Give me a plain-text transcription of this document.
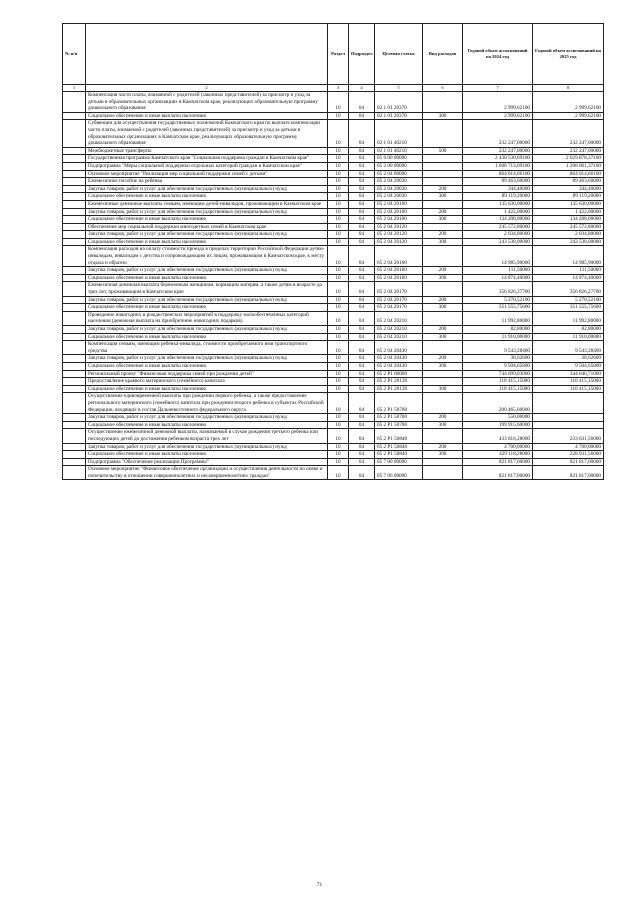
№ п/п		Раздел	Подраздел	Целевая статья	Вид расходов	Годовой объем ассигнований на 2024 год	Годовой объем ассигнований на 2025 год
1	2	3	4	5	6	7	8
	Компенсация части платы, взимаемой с родителей (законных представителей) за присмотр и уход за детьми в образовательных организациях в Камчатском крае, реализующих образовательную программу дошкольного образования	10	04	02 1 01 20370		2 999,62100	2 999,62100
	Социальное обеспечение и иные выплаты населению	10	04	02 1 01 20370	300	2 999,62100	2 999,62100
	Субвенции для осуществления государственных полномочий Камчатского края по выплате компенсации части платы, взимаемой с родителей (законных представителей) за присмотр и уход за детьми в образовательных организациях в Камчатском крае, реализующих образовательную программу дошкольного образования	10	04	02 1 01 40210		232 247,00000	232 247,00000
	Межбюджетные трансферты	10	04	02 1 01 40210	500	232 247,00000	232 247,00000
	Государственная программа Камчатского края "Социальная поддержка граждан в Камчатском крае"	10	04	05 0 00 00000		2 430 530,69100	2 029 878,37100
	Подпрограмма "Меры социальной поддержки отдельных категорий граждан в Камчатском крае"	10	04	05 2 00 00000		1 608 713,69100	1 208 061,37100
	Основное мероприятие "Реализация мер социальной поддержки семей с детьми"	10	04	05 2 04 00000		864 014,66100	864 014,66100
	Ежемесячное пособие на ребенка	10	04	05 2 04 20030		89 463,60000	89 463,60000
	Закупка товаров, работ и услуг для обеспечения государственных (муниципальных) нужд	10	04	05 2 04 20030	200	344,40000	344,40000
	Социальное обеспечение и иные выплаты населению	10	04	05 2 04 20030	300	89 119,20000	89 119,20000
	Ежемесячные денежные выплаты семьям, имеющим детей-инвалидов, проживающим в Камчатском крае	10	04	05 2 04 20100		135 630,00000	135 630,00000
	Закупка товаров, работ и услуг для обеспечения государственных (муниципальных) нужд	10	04	05 2 04 20100	200	1 422,00000	1 422,00000
	Социальное обеспечение и иные выплаты населению	10	04	05 2 04 20100	300	134 208,00000	134 208,00000
	Обеспечение мер социальной поддержки многодетных семей в Камчатском крае	10	04	05 2 04 20120		245 572,80000	245 572,80000
	Закупка товаров, работ и услуг для обеспечения государственных (муниципальных) нужд	10	04	05 2 04 20120	200	2 034,80000	2 034,80000
	Социальное обеспечение и иные выплаты населению	10	04	05 2 04 20120	300	243 538,00000	243 538,00000
	Компенсация расходов на оплату стоимости проезда в пределах территории Российской Федерации детям-инвалидам, инвалидам с детства и сопровождающим их лицам, проживающим в Камчатском крае, к месту отдыха и обратно	10	04	05 2 04 20160		14 985,90000	14 985,90000
	Закупка товаров, работ и услуг для обеспечения государственных (муниципальных) нужд	10	04	05 2 04 20160	200	111,50000	111,50000
	Социальное обеспечение и иные выплаты населению	10	04	05 2 04 20160	300	14 874,40000	14 874,40000
	Ежемесячная денежная выплата беременным женщинам, кормящим матерям, а также детям в возрасте до трех лет, проживающим в Камчатском крае	10	04	05 2 04 20170		356 826,27700	356 826,27700
	Закупка товаров, работ и услуг для обеспечения государственных (муниципальных) нужд	10	04	05 2 04 20170	200	5 270,52100	5 270,52100
	Социальное обеспечение и иные выплаты населению	10	04	05 2 04 20170	300	351 555,75600	351 555,75600
	Проведение новогодних и рождественских мероприятий в поддержку малообеспеченных категорий населения (денежная выплата на приобретение новогодних подарков)	10	04	05 2 04 20210		11 992,80000	11 992,80000
	Закупка товаров, работ и услуг для обеспечения государственных (муниципальных) нужд	10	04	05 2 04 20210	200	82,80000	82,80000
	Социальное обеспечение и иные выплаты населению	10	04	05 2 04 20210	300	11 910,00000	11 910,00000
	Компенсация семьям, имеющим ребенка-инвалида, стоимости приобретаемого ими транспортного средства	10	04	05 2 04 20430		9 543,28400	9 543,28400
	Закупка товаров, работ и услуг для обеспечения государственных (муниципальных) нужд	10	04	05 2 04 20430	200	38,62600	38,62600
	Социальное обеспечение и иные выплаты населению	10	04	05 2 04 20430	300	9 504,65800	9 504,65800
	Региональный проект "Финансовая поддержка семей при рождении детей"	10	04	05 2 P1 00000		744 699,03000	344 046,71000
	Предоставление краевого материнского (семейного) капитала	10	04	05 2 P1 20130		110 415,15000	110 415,15000
	Социальное обеспечение и иные выплаты населению	10	04	05 2 P1 20130	300	110 415,15000	110 415,15000
	Осуществление единовременной выплаты при рождении первого ребенка, а также предоставление регионального материнского (семейного) капитала при рождении второго ребенка в субъектах Российской Федерации, входящих в состав Дальневосточного федерального округа	10	04	05 2 P1 50780		200 465,60000	
	Закупка товаров, работ и услуг для обеспечения государственных (муниципальных) нужд	10	04	05 2 P1 50780	200	550,00000	
	Социальное обеспечение и иные выплаты населению	10	04	05 2 P1 50780	300	199 915,60000	
	Осуществление ежемесячной денежной выплаты, назначаемой в случае рождения третьего ребенка или последующих детей до достижения ребенком возраста трех лет	10	04	05 2 P1 50840		433 818,28000	233 631,56000
	Закупка товаров, работ и услуг для обеспечения государственных (муниципальных) нужд	10	04	05 2 P1 50840	200	4 700,00000	4 700,00000
	Социальное обеспечение и иные выплаты населению	10	04	05 2 P1 50840	300	429 118,28000	228 931,56000
	Подпрограмма "Обеспечение реализации Программы"	10	04	05 7 00 00000		821 817,00000	821 817,00000
	Основное мероприятие "Финансовое обеспечение организации и осуществления деятельности по опеке и попечительству в отношении совершеннолетних и несовершеннолетних граждан"	10	04	05 7 06 00000		821 817,00000	821 817,00000
71
